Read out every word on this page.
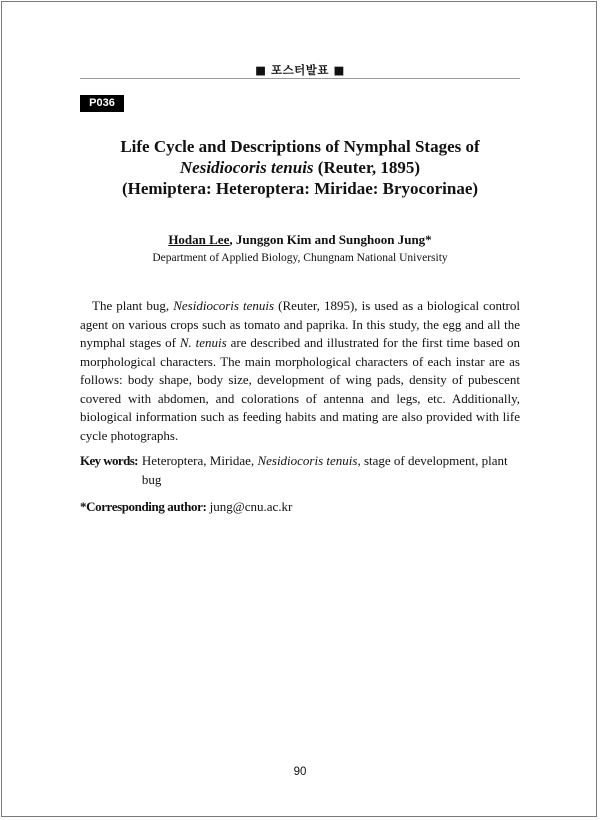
■ 포스터발표 ■
P036
Life Cycle and Descriptions of Nymphal Stages of
Nesidiocoris tenuis (Reuter, 1895)
(Hemiptera: Heteroptera: Miridae: Bryocorinae)
Hodan Lee, Junggon Kim and Sunghoon Jung*
Department of Applied Biology, Chungnam National University
The plant bug, Nesidiocoris tenuis (Reuter, 1895), is used as a biological control agent on various crops such as tomato and paprika. In this study, the egg and all the nymphal stages of N. tenuis are described and illustrated for the first time based on morphological characters. The main morphological characters of each instar are as follows: body shape, body size, development of wing pads, density of pubescent covered with abdomen, and colorations of antenna and legs, etc. Additionally, biological information such as feeding habits and mating are also provided with life cycle photographs.
Key words: Heteroptera, Miridae, Nesidiocoris tenuis, stage of development, plant bug
*Corresponding author: jung@cnu.ac.kr
90
